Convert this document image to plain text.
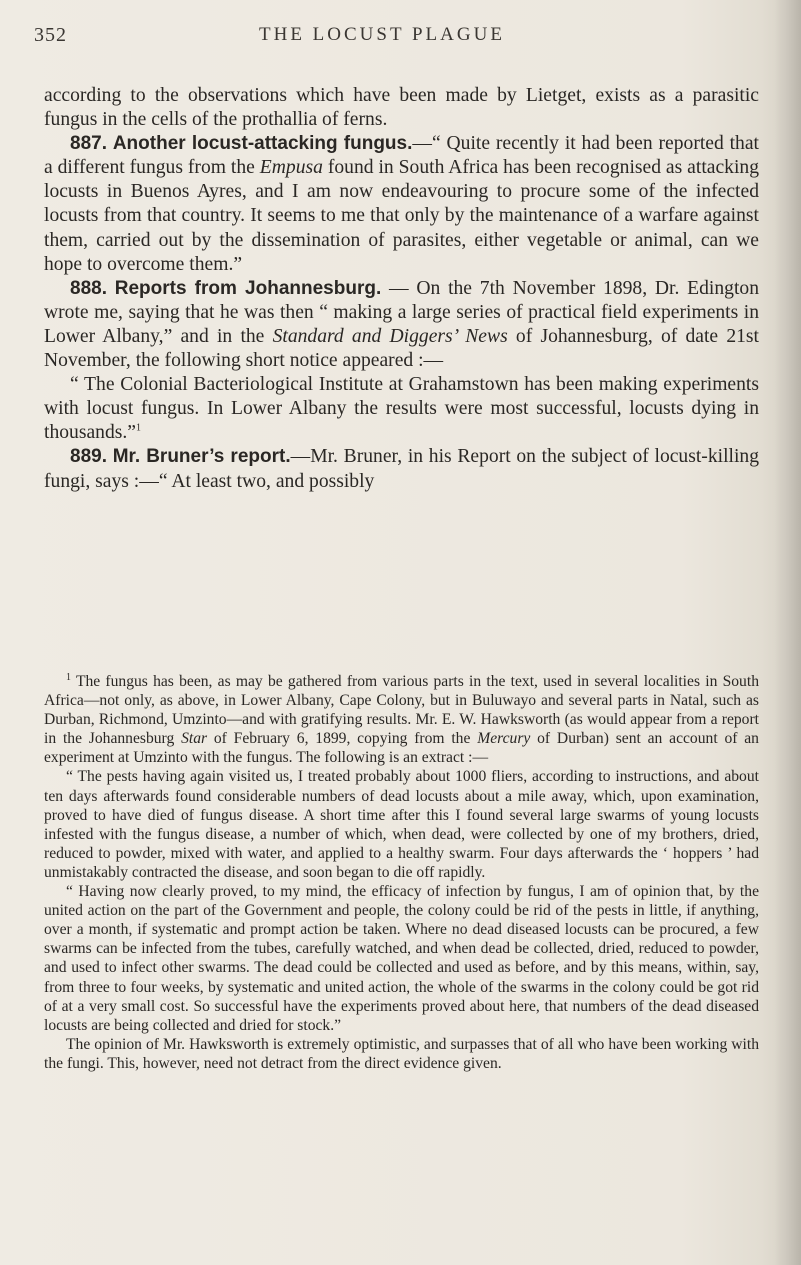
352	THE LOCUST PLAGUE

according to the observations which have been made by Lietget, exists as a parasitic fungus in the cells of the prothallia of ferns.

887. Another locust-attacking fungus.—“ Quite recently it had been reported that a different fungus from the Empusa found in South Africa has been recognised as attacking locusts in Buenos Ayres, and I am now endeavouring to procure some of the infected locusts from that country. It seems to me that only by the maintenance of a warfare against them, carried out by the dissemination of parasites, either vegetable or animal, can we hope to overcome them.”

888. Reports from Johannesburg. — On the 7th November 1898, Dr. Edington wrote me, saying that he was then “ making a large series of practical field experiments in Lower Albany,” and in the Standard and Diggers’ News of Johannesburg, of date 21st November, the following short notice appeared :—

“ The Colonial Bacteriological Institute at Grahamstown has been making experiments with locust fungus. In Lower Albany the results were most successful, locusts dying in thousands.”$^1$

889. Mr. Bruner’s report.—Mr. Bruner, in his Report on the subject of locust-killing fungi, says :—“ At least two, and possibly

$^1$ The fungus has been, as may be gathered from various parts in the text, used in several localities in South Africa—not only, as above, in Lower Albany, Cape Colony, but in Buluwayo and several parts in Natal, such as Durban, Richmond, Umzinto—and with gratifying results. Mr. E. W. Hawksworth (as would appear from a report in the Johannesburg Star of February 6, 1899, copying from the Mercury of Durban) sent an account of an experiment at Umzinto with the fungus. The following is an extract :—

“ The pests having again visited us, I treated probably about 1000 fliers, according to instructions, and about ten days afterwards found considerable numbers of dead locusts about a mile away, which, upon examination, proved to have died of fungus disease. A short time after this I found several large swarms of young locusts infested with the fungus disease, a number of which, when dead, were collected by one of my brothers, dried, reduced to powder, mixed with water, and applied to a healthy swarm. Four days afterwards the ‘ hoppers ’ had unmistakably contracted the disease, and soon began to die off rapidly.

“ Having now clearly proved, to my mind, the efficacy of infection by fungus, I am of opinion that, by the united action on the part of the Government and people, the colony could be rid of the pests in little, if anything, over a month, if systematic and prompt action be taken. Where no dead diseased locusts can be procured, a few swarms can be infected from the tubes, carefully watched, and when dead be collected, dried, reduced to powder, and used to infect other swarms. The dead could be collected and used as before, and by this means, within, say, from three to four weeks, by systematic and united action, the whole of the swarms in the colony could be got rid of at a very small cost. So successful have the experiments proved about here, that numbers of the dead diseased locusts are being collected and dried for stock.”

The opinion of Mr. Hawksworth is extremely optimistic, and surpasses that of all who have been working with the fungi. This, however, need not detract from the direct evidence given.
